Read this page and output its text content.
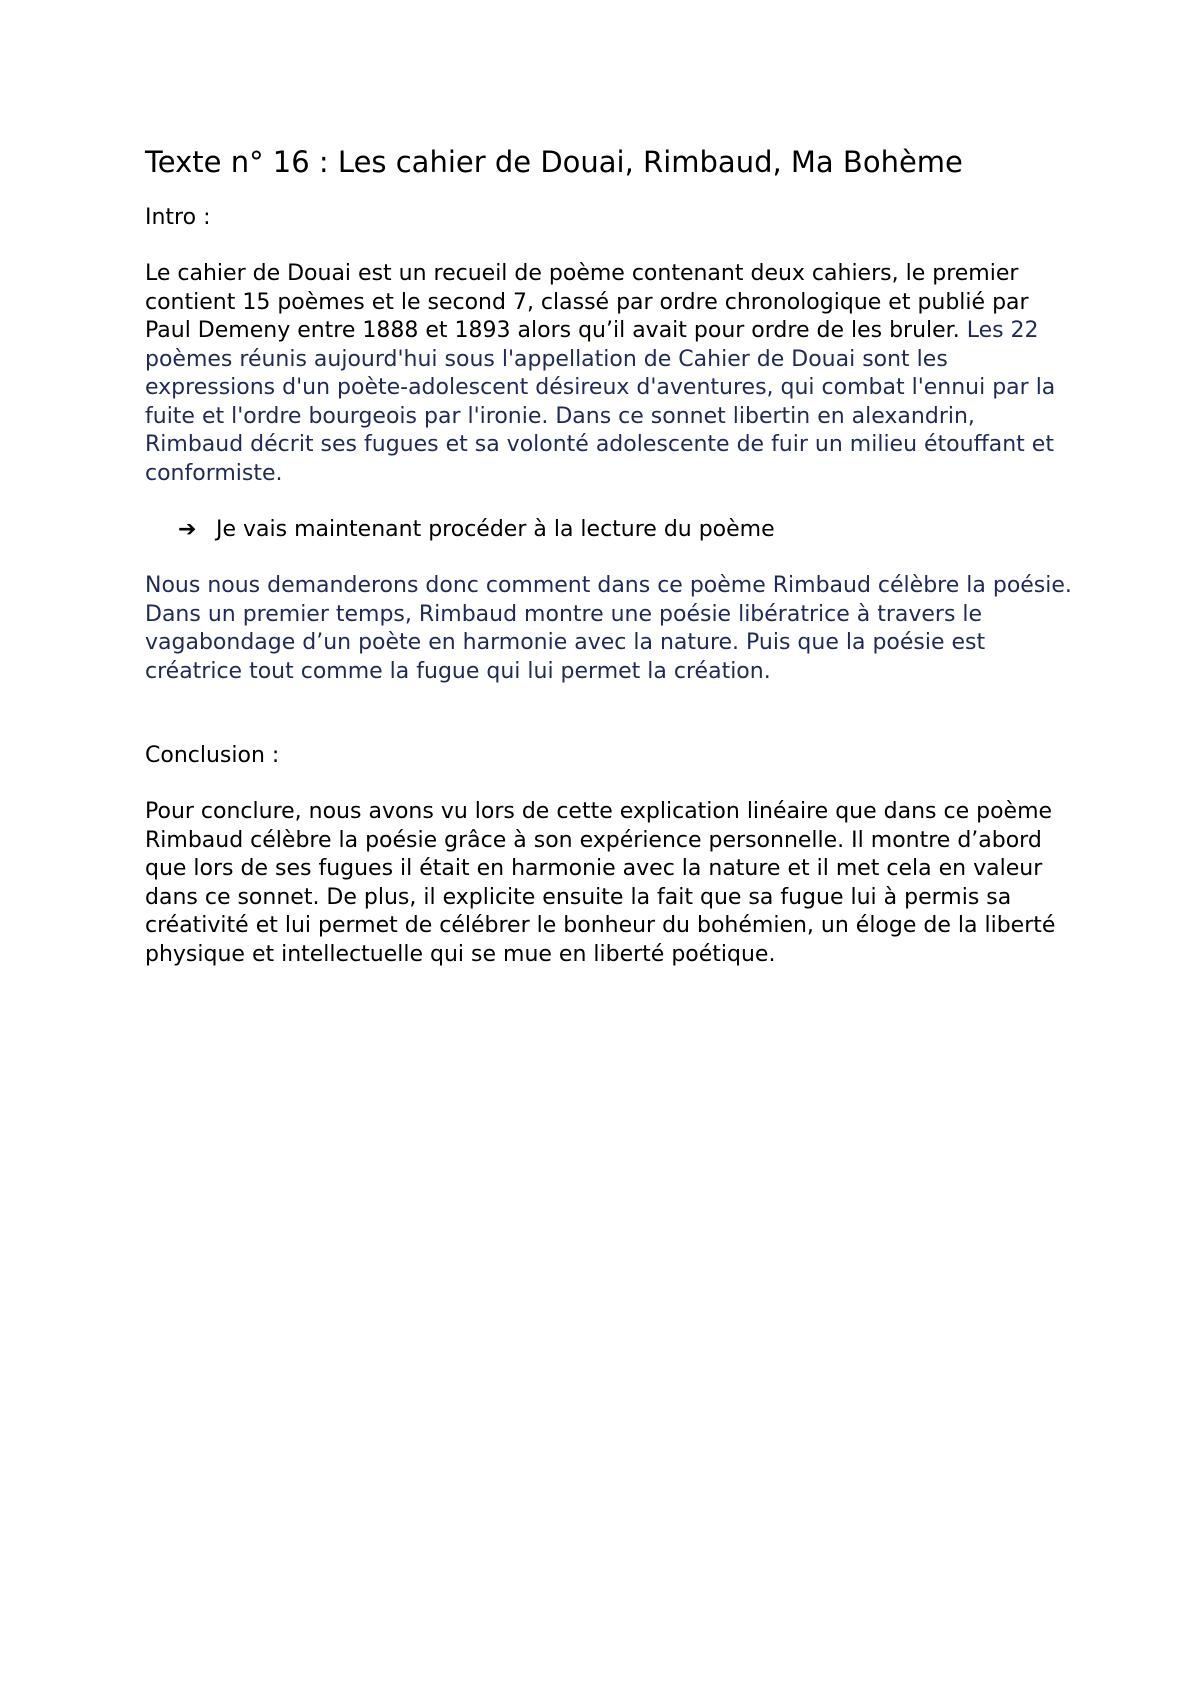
Texte n° 16 : Les cahier de Douai, Rimbaud, Ma Bohème
Intro :

Le cahier de Douai est un recueil de poème contenant deux cahiers, le premier contient 15 poèmes et le second 7, classé par ordre chronologique et publié par Paul Demeny entre 1888 et 1893 alors qu’il avait pour ordre de les bruler. Les 22 poèmes réunis aujourd'hui sous l'appellation de Cahier de Douai sont les expressions d'un poète-adolescent désireux d'aventures, qui combat l'ennui par la fuite et l'ordre bourgeois par l'ironie. Dans ce sonnet libertin en alexandrin, Rimbaud décrit ses fugues et sa volonté adolescente de fuir un milieu étouffant et conformiste.

➔ Je vais maintenant procéder à la lecture du poème

Nous nous demanderons donc comment dans ce poème Rimbaud célèbre la poésie. Dans un premier temps, Rimbaud montre une poésie libératrice à travers le vagabondage d’un poète en harmonie avec la nature. Puis que la poésie est créatrice tout comme la fugue qui lui permet la création.

Conclusion :

Pour conclure, nous avons vu lors de cette explication linéaire que dans ce poème Rimbaud célèbre la poésie grâce à son expérience personnelle. Il montre d’abord que lors de ses fugues il était en harmonie avec la nature et il met cela en valeur dans ce sonnet. De plus, il explicite ensuite la fait que sa fugue lui à permis sa créativité et lui permet de célébrer le bonheur du bohémien, un éloge de la liberté physique et intellectuelle qui se mue en liberté poétique.
